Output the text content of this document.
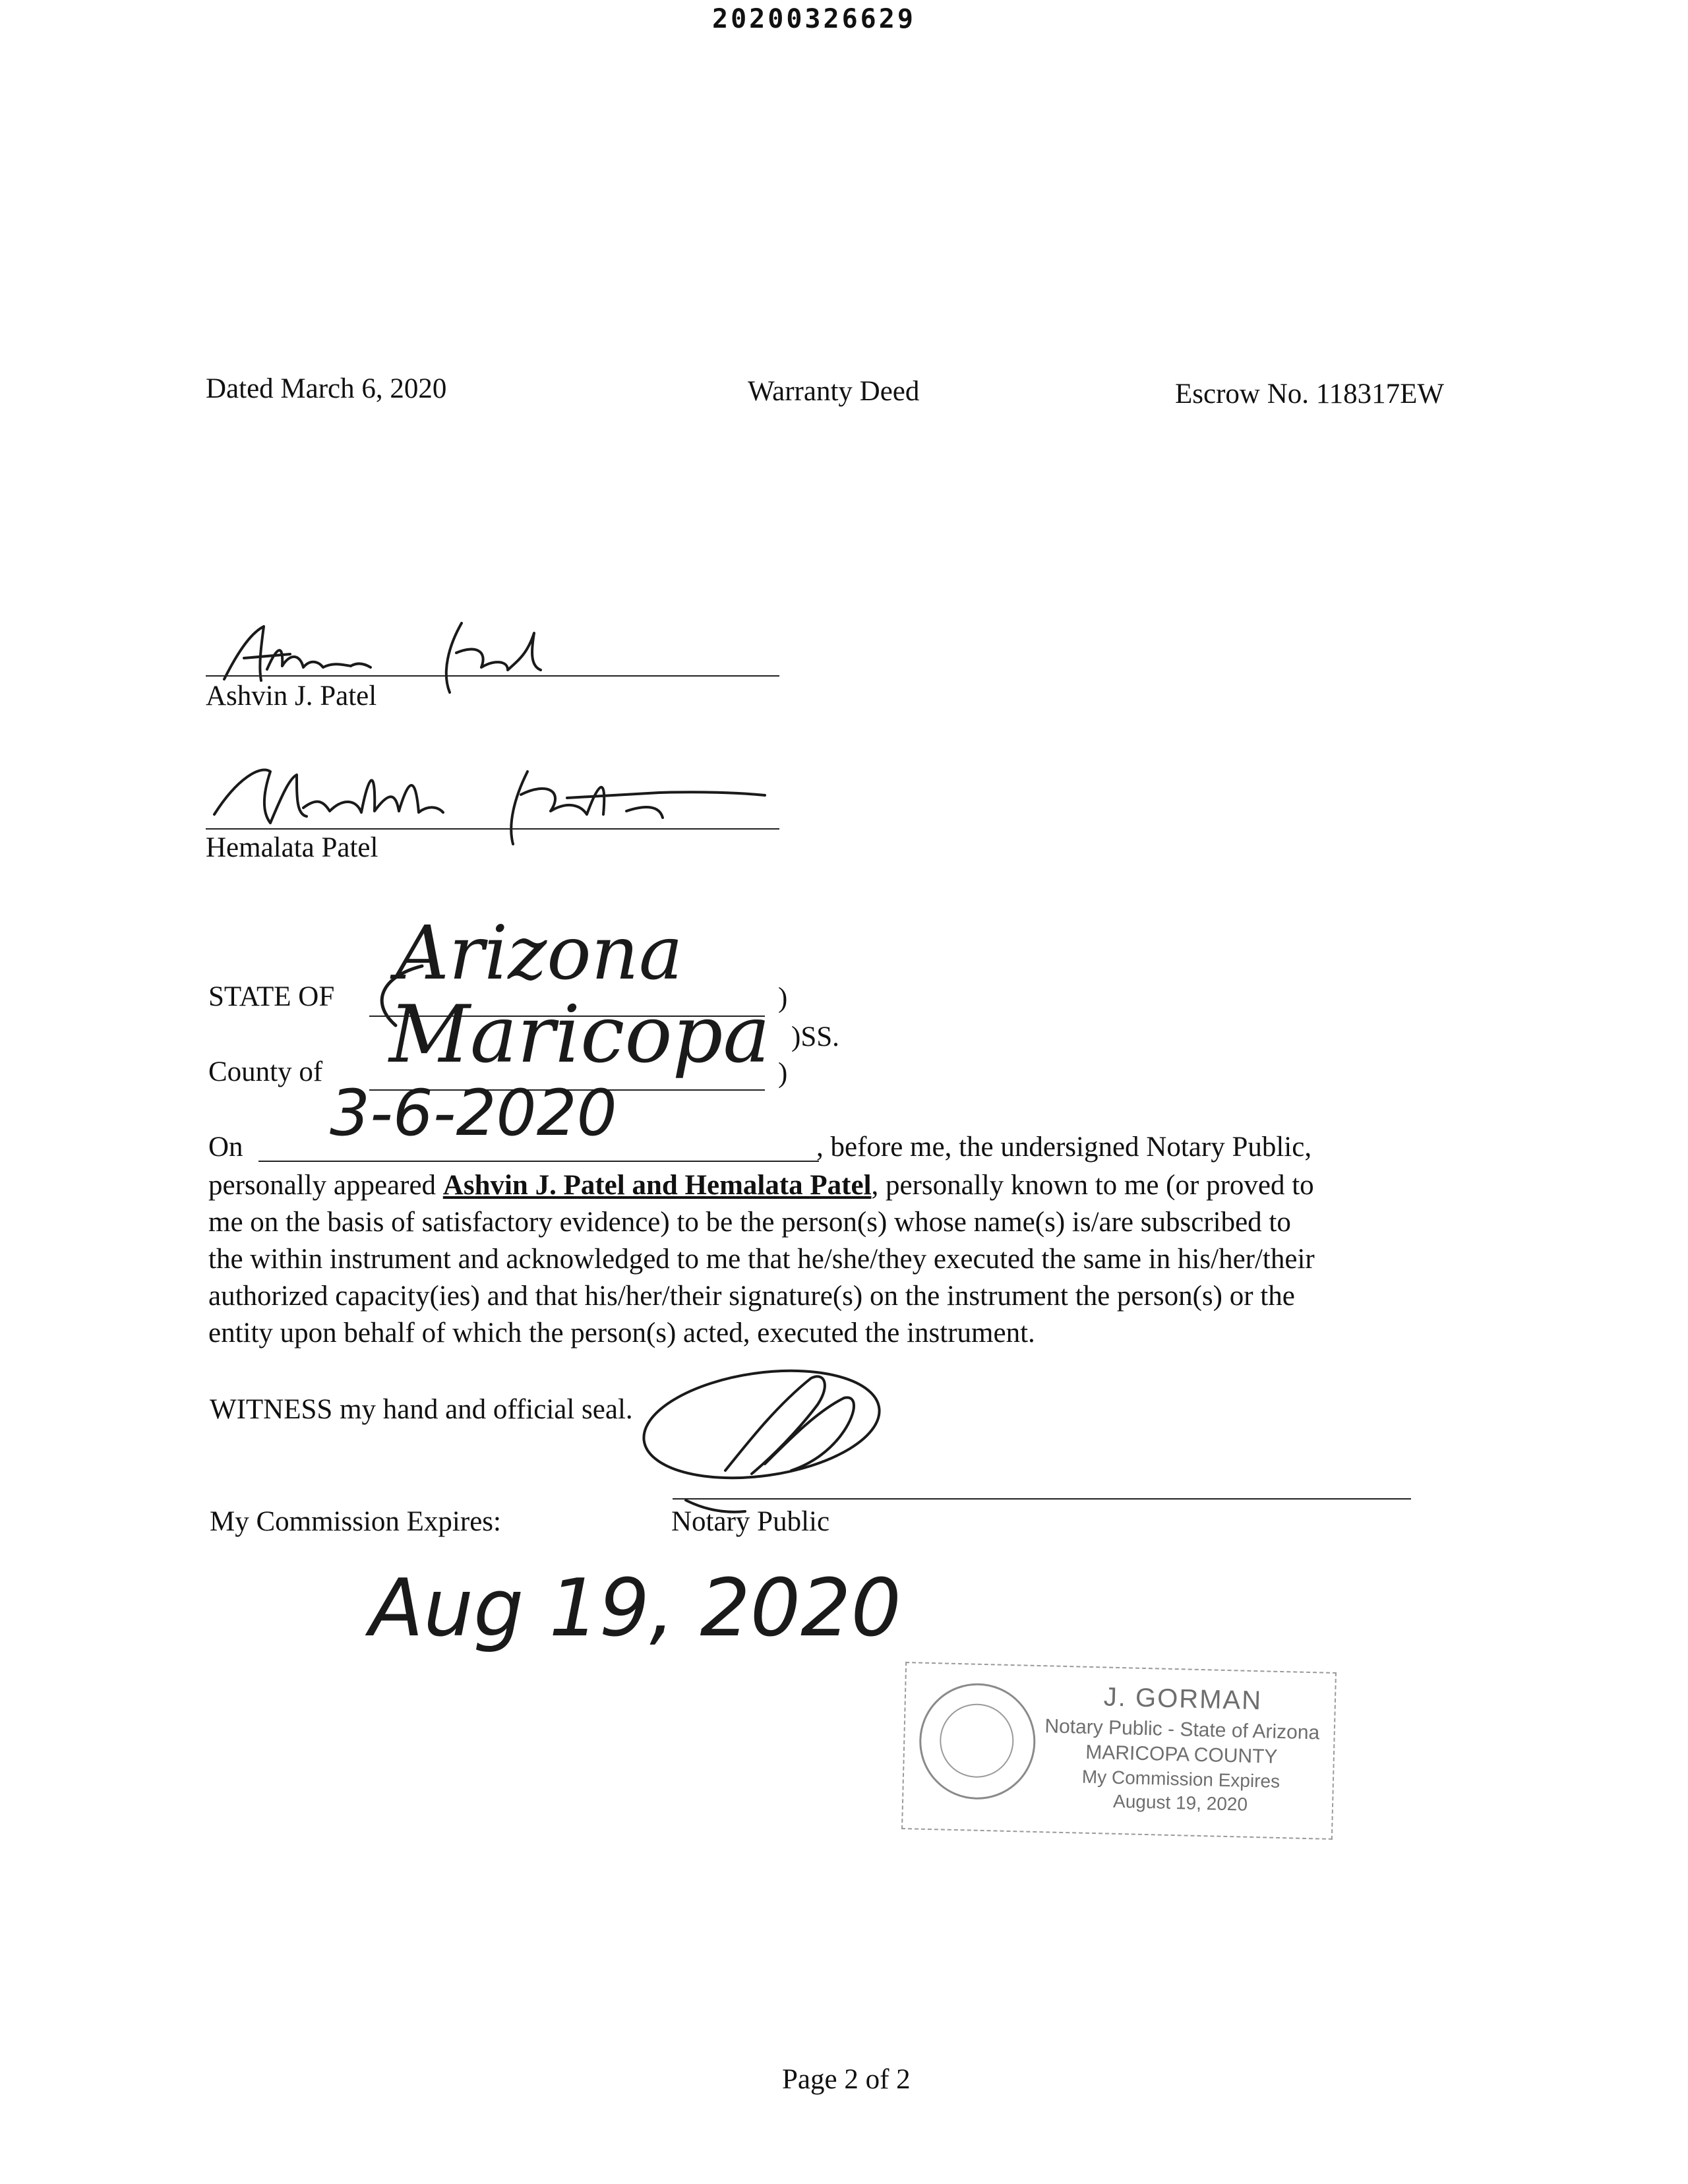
20200326629
Dated March 6, 2020	Warranty Deed	Escrow No. 118317EW
Ashvin J. Patel
Hemalata Patel
STATE OF
Arizona
)
)SS.
County of Maricopa )
On 3-6-2020	, before me, the undersigned Notary Public,
personally appeared Ashvin J. Patel and Hemalata Patel, personally known to me (or proved to
me on the basis of satisfactory evidence) to be the person(s) whose name(s) is/are subscribed to
the within instrument and acknowledged to me that he/she/they executed the same in his/her/their
authorized capacity(ies) and that his/her/their signature(s) on the instrument the person(s) or the
entity upon behalf of which the person(s) acted, executed the instrument.
WITNESS my hand and official seal.
My Commission Expires:	Notary Public
Aug 19, 2020
J. GORMAN
Notary Public - State of Arizona
MARICOPA COUNTY
My Commission Expires
August 19, 2020
Page 2 of 2
